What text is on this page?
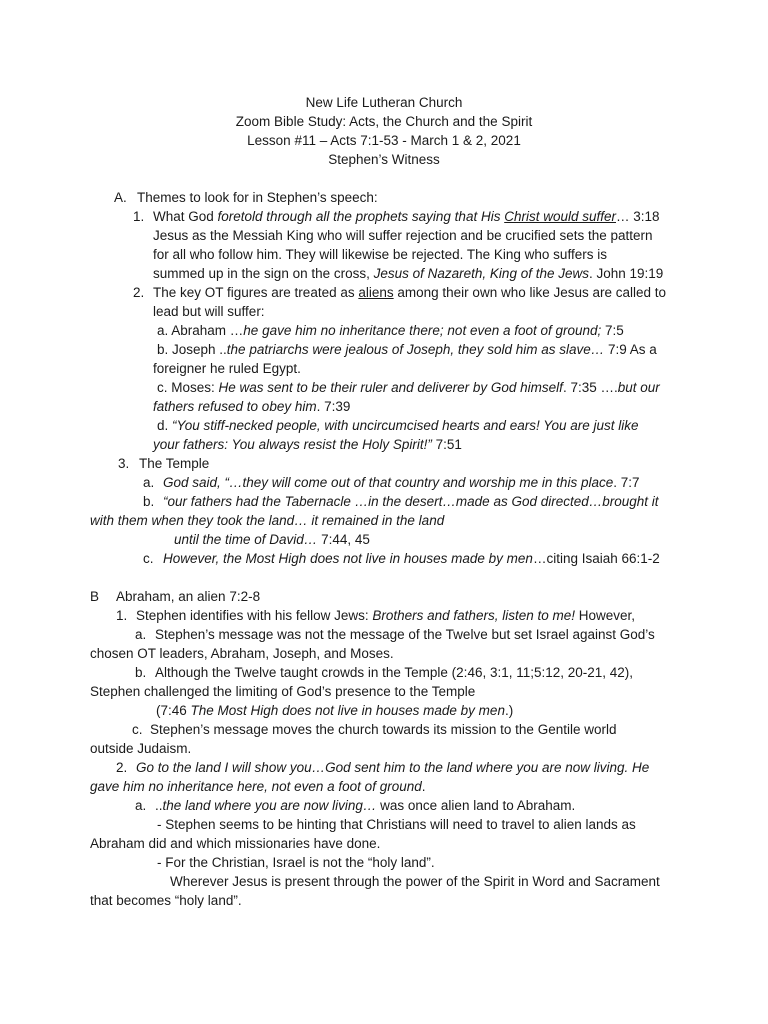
New Life Lutheran Church
Zoom Bible Study: Acts, the Church and the Spirit
Lesson #11 – Acts 7:1-53 - March 1 & 2, 2021
Stephen’s Witness
A. Themes to look for in Stephen’s speech:
1. What God foretold through all the prophets saying that His Christ would suffer… 3:18
Jesus as the Messiah King who will suffer rejection and be crucified sets the pattern
for all who follow him. They will likewise be rejected. The King who suffers is
summed up in the sign on the cross, Jesus of Nazareth, King of the Jews. John 19:19
2. The key OT figures are treated as aliens among their own who like Jesus are called to
lead but will suffer:
a. Abraham …he gave him no inheritance there; not even a foot of ground; 7:5
b. Joseph ..the patriarchs were jealous of Joseph, they sold him as slave… 7:9 As a
foreigner he ruled Egypt.
c. Moses: He was sent to be their ruler and deliverer by God himself. 7:35 ….but our
fathers refused to obey him. 7:39
d. “You stiff-necked people, with uncircumcised hearts and ears! You are just like
your fathers: You always resist the Holy Spirit!” 7:51
3. The Temple
a. God said, “…they will come out of that country and worship me in this place. 7:7
b. “our fathers had the Tabernacle …in the desert…made as God directed…brought it
with them when they took the land… it remained in the land
until the time of David… 7:44, 45
c. However, the Most High does not live in houses made by men…citing Isaiah 66:1-2
B Abraham, an alien 7:2-8
1. Stephen identifies with his fellow Jews: Brothers and fathers, listen to me! However,
a. Stephen’s message was not the message of the Twelve but set Israel against God’s
chosen OT leaders, Abraham, Joseph, and Moses.
b. Although the Twelve taught crowds in the Temple (2:46, 3:1, 11;5:12, 20-21, 42),
Stephen challenged the limiting of God’s presence to the Temple
(7:46 The Most High does not live in houses made by men.)
c. Stephen’s message moves the church towards its mission to the Gentile world
outside Judaism.
2. Go to the land I will show you…God sent him to the land where you are now living. He
gave him no inheritance here, not even a foot of ground.
a. ..the land where you are now living… was once alien land to Abraham.
- Stephen seems to be hinting that Christians will need to travel to alien lands as
Abraham did and which missionaries have done.
- For the Christian, Israel is not the “holy land”.
Wherever Jesus is present through the power of the Spirit in Word and Sacrament
that becomes “holy land”.
